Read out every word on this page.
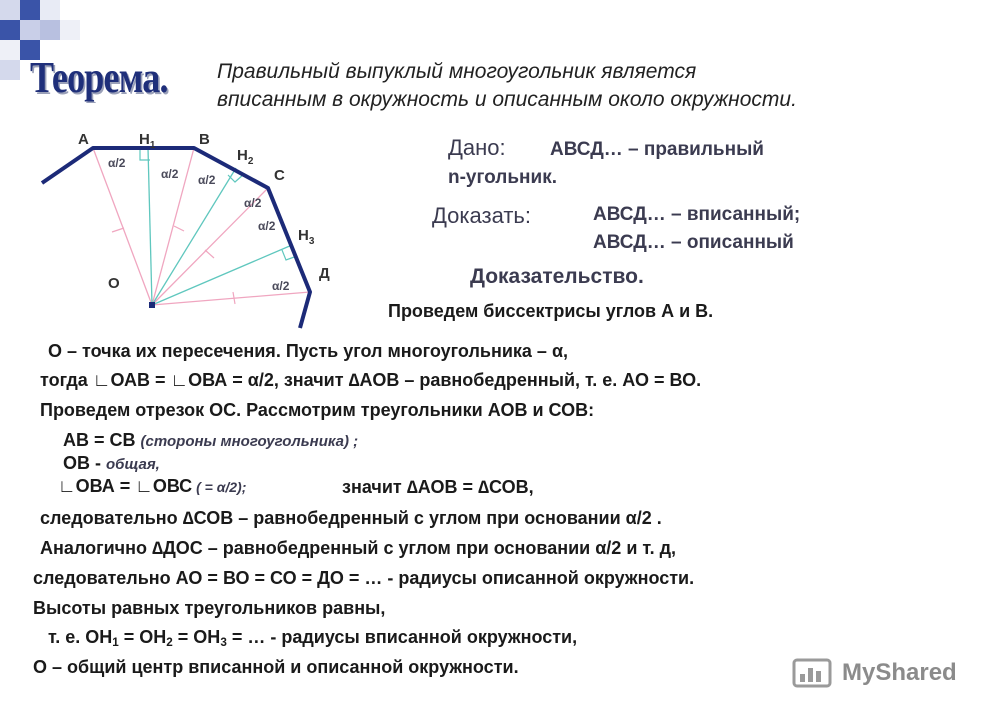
Теорема. Правильный выпуклый многоугольник является
вписанным в окружность и описанным около окружности.
А	$Н_1$	В
$Н_2$
С
$Н_3$
Д
О
α/2
α/2 α/2
α/2
α/2
α/2
Дано: АВСД… – правильный
n-угольник.
Доказать:	АВСД… – вписанный;
АВСД… – описанный
Доказательство.
Проведем биссектрисы углов А и В.
О – точка их пересечения. Пусть угол многоугольника – α,
тогда ∟ОАВ = ∟ОВА = α/2, значит ∆АОВ – равнобедренный, т. е. АО = ВО.
Проведем отрезок ОС. Рассмотрим треугольники АОВ и СОВ:
АВ = СВ (стороны многоугольника) ;
ОВ - общая,
∟ОВА = ∟ОВС ( = α/2);	значит ∆АОВ = ∆СОВ,
следовательно ∆СОВ – равнобедренный с углом при основании α/2 .
Аналогично ∆ДОС – равнобедренный с углом при основании α/2 и т. д,
следовательно АО = ВО = СО = ДО = … - радиусы описанной окружности.
Высоты равных треугольников равны,
т. е. $ОН_1 = ОН_2 = ОН_3$ = … - радиусы вписанной окружности,
О – общий центр вписанной и описанной окружности.	MyShared
